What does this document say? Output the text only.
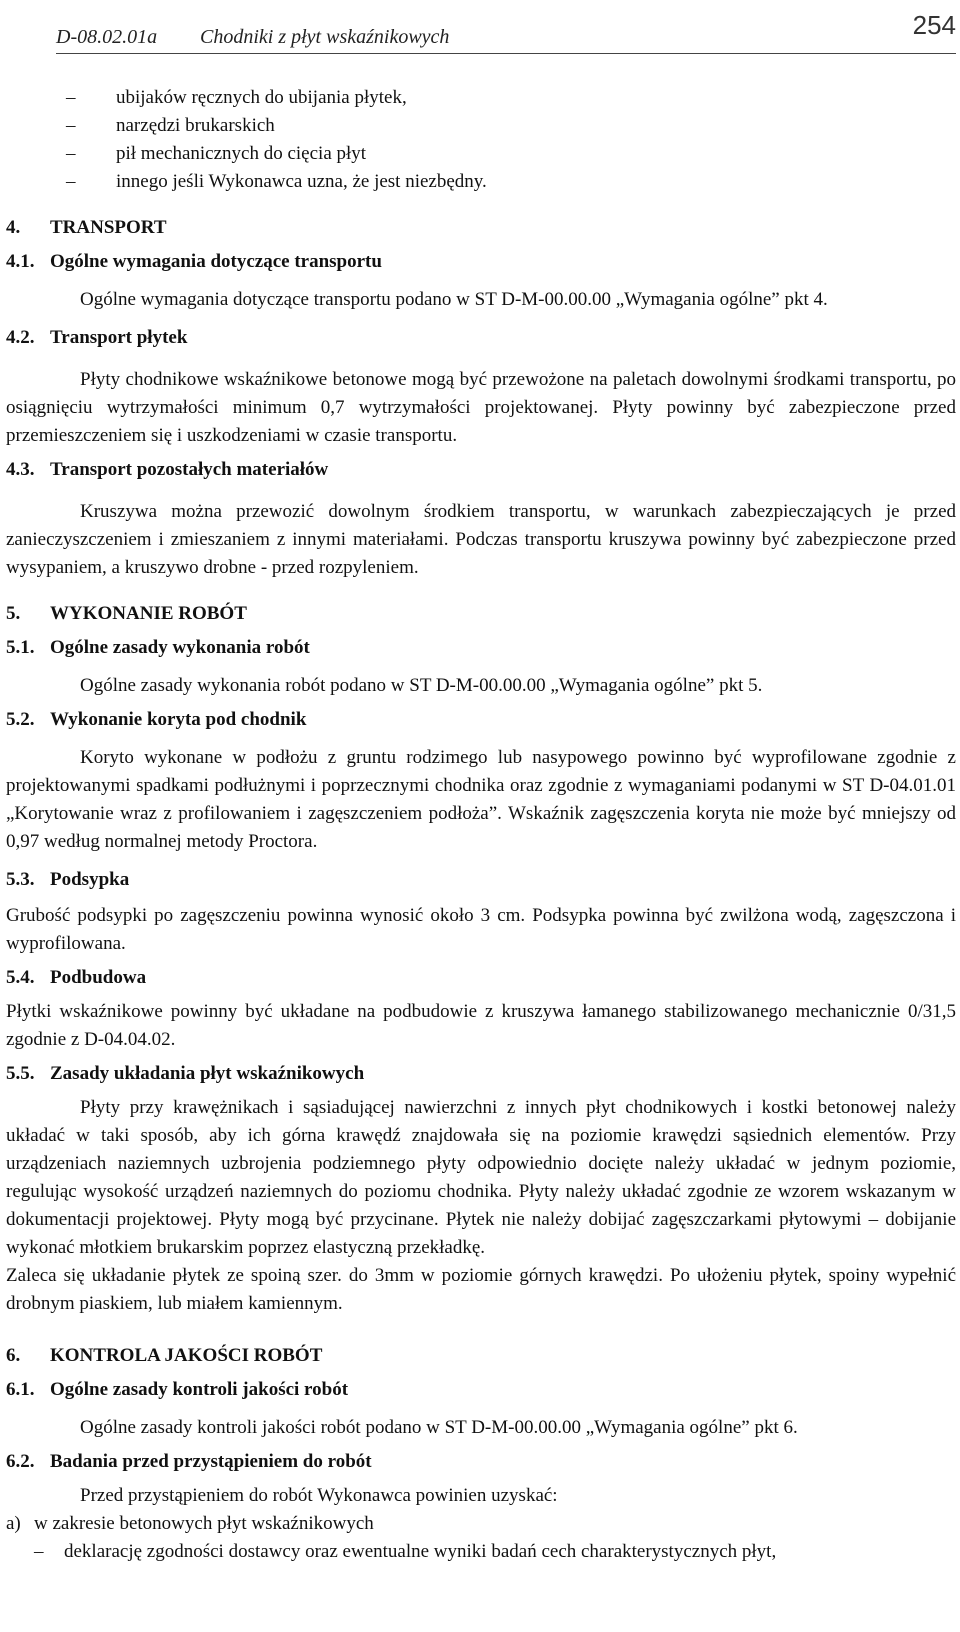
D-08.02.01a Chodniki z płyt wskaźnikowych	254

– ubijaków ręcznych do ubijania płytek,

– narzędzi brukarskich

– pił mechanicznych do cięcia płyt

– innego jeśli Wykonawca uzna, że jest niezbędny.

4. TRANSPORT

4.1. Ogólne wymagania dotyczące transportu

Ogólne wymagania dotyczące transportu podano w ST D-M-00.00.00 „Wymagania ogólne” pkt 4.

4.2. Transport płytek

Płyty chodnikowe wskaźnikowe betonowe mogą być przewożone na paletach dowolnymi środkami transportu, po osiągnięciu wytrzymałości minimum 0,7 wytrzymałości projektowanej. Płyty powinny być zabezpieczone przed przemieszczeniem się i uszkodzeniami w czasie transportu.

4.3. Transport pozostałych materiałów

Kruszywa można przewozić dowolnym środkiem transportu, w warunkach zabezpieczających je przed zanieczyszczeniem i zmieszaniem z innymi materiałami. Podczas transportu kruszywa powinny być zabezpieczone przed wysypaniem, a kruszywo drobne - przed rozpyleniem.

5. WYKONANIE ROBÓT

5.1. Ogólne zasady wykonania robót

Ogólne zasady wykonania robót podano w ST D-M-00.00.00 „Wymagania ogólne” pkt 5.

5.2. Wykonanie koryta pod chodnik

Koryto wykonane w podłożu z gruntu rodzimego lub nasypowego powinno być wyprofilowane zgodnie z projektowanymi spadkami podłużnymi i poprzecznymi chodnika oraz zgodnie z wymaganiami podanymi w ST D-04.01.01 „Korytowanie wraz z profilowaniem i zagęszczeniem podłoża”. Wskaźnik zagęszczenia koryta nie może być mniejszy od 0,97 według normalnej metody Proctora.

5.3. Podsypka

Grubość podsypki po zagęszczeniu powinna wynosić około 3 cm. Podsypka powinna być zwilżona wodą, zagęszczona i wyprofilowana.

5.4. Podbudowa

Płytki wskaźnikowe powinny być układane na podbudowie z kruszywa łamanego stabilizowanego mechanicznie 0/31,5 zgodnie z D-04.04.02.

5.5. Zasady układania płyt wskaźnikowych

Płyty przy krawężnikach i sąsiadującej nawierzchni z innych płyt chodnikowych i kostki betonowej należy układać w taki sposób, aby ich górna krawędź znajdowała się na poziomie krawędzi sąsiednich elementów. Przy urządzeniach naziemnych uzbrojenia podziemnego płyty odpowiednio docięte należy układać w jednym poziomie, regulując wysokość urządzeń naziemnych do poziomu chodnika. Płyty należy układać zgodnie ze wzorem wskazanym w dokumentacji projektowej. Płyty mogą być przycinane. Płytek nie należy dobijać zagęszczarkami płytowymi – dobijanie wykonać młotkiem brukarskim poprzez elastyczną przekładkę.

Zaleca się układanie płytek ze spoiną szer. do 3mm w poziomie górnych krawędzi. Po ułożeniu płytek, spoiny wypełnić drobnym piaskiem, lub miałem kamiennym.

6. KONTROLA JAKOŚCI ROBÓT

6.1. Ogólne zasady kontroli jakości robót

Ogólne zasady kontroli jakości robót podano w ST D-M-00.00.00 „Wymagania ogólne” pkt 6.

6.2. Badania przed przystąpieniem do robót

Przed przystąpieniem do robót Wykonawca powinien uzyskać:

a) w zakresie betonowych płyt wskaźnikowych

– deklarację zgodności dostawcy oraz ewentualne wyniki badań cech charakterystycznych płyt,
